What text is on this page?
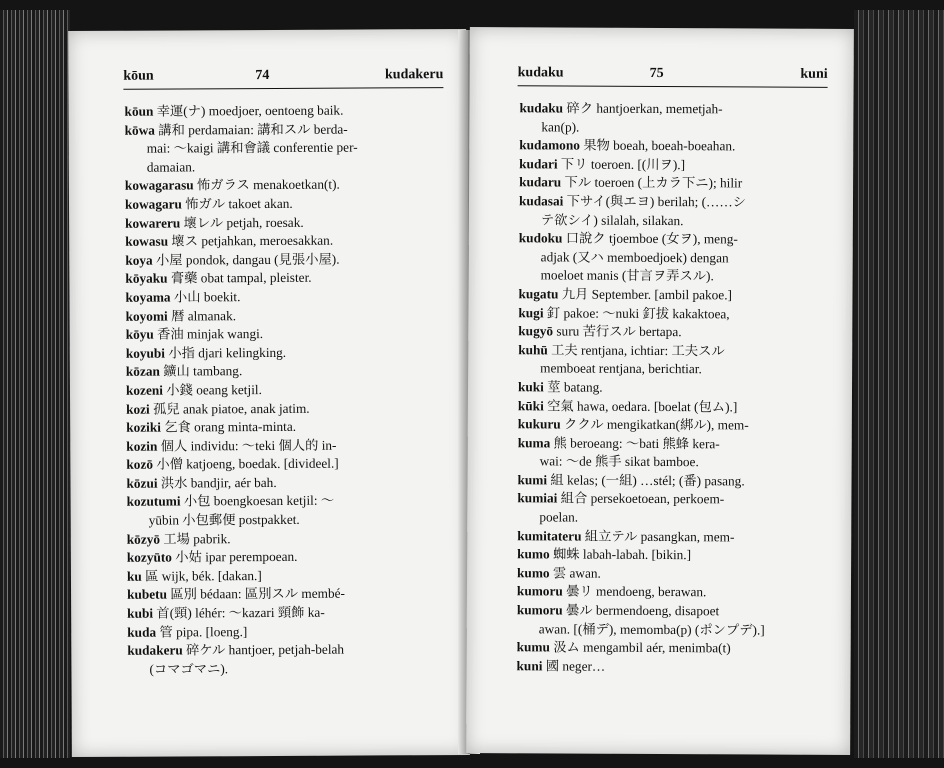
kōun	74	kudakeru
kōun 幸運(ナ) moedjoer, oentoeng baik.
kōwa 講和 perdamaian: 講和スル berda-
mai: ～kaigi 講和會議 conferentie per-
damaian.
kowagarasu 怖ガラス menakoetkan(t).
kowagaru 怖ガル takoet akan.
kowareru 壞レル petjah, roesak.
kowasu 壞ス petjahkan, meroesakkan.
koya 小屋 pondok, dangau (見張小屋).
kōyaku 膏藥 obat tampal, pleister.
koyama 小山 boekit.
koyomi 暦 almanak.
kōyu 香油 minjak wangi.
koyubi 小指 djari kelingking.
kōzan 鑛山 tambang.
kozeni 小錢 oeang ketjil.
kozi 孤兒 anak piatoe, anak jatim.
koziki 乞食 orang minta-minta.
kozin 個人 individu: ～teki 個人的 in-
kozō 小僧 katjoeng, boedak. [divideel.]
kōzui 洪水 bandjir, aér bah.
kozutumi 小包 boengkoesan ketjil: ～
yūbin 小包郵便 postpakket.
kōzyō 工場 pabrik.
kozyūto 小姑 ipar perempoean.
ku 區 wijk, bék. [dakan.]
kubetu 區別 bédaan: 區別スル membé-
kubi 首(頸) léhér: ～kazari 頸飾 ka-
kuda 管 pipa. [loeng.]
kudakeru 碎ケル hantjoer, petjah-belah
(コマゴマニ).
kudaku	75	kuni
kudaku 碎ク hantjoerkan, memetjah-
kan(p).
kudamono 果物 boeah, boeah-boeahan.
kudari 下リ toeroen. [(川ヲ).]
kudaru 下ル toeroen (上カラ下ニ); hilir
kudasai 下サイ(與エヨ) berilah; (……シ
テ欲シイ) silalah, silakan.
kudoku 口說ク tjoemboe (女ヲ), meng-
adjak (又ハ memboedjoek) dengan
moeloet manis (甘言ヲ弄スル).
kugatu 九月 September. [ambil pakoe.]
kugi 釘 pakoe: ～nuki 釘拔 kakaktoea,
kugyō suru 苦行スル bertapa.
kuhū 工夫 rentjana, ichtiar: 工夫スル
memboeat rentjana, berichtiar.
kuki 莖 batang.
kūki 空氣 hawa, oedara. [boelat (包ム).]
kukuru ククル mengikatkan(綁ル), mem-
kuma 熊 beroeang: ～bati 熊蜂 kera-
wai: ～de 熊手 sikat bamboe.
kumi 組 kelas; (一組) …stél; (番) pasang.
kumiai 組合 persekoetoean, perkoem-
poelan.
kumitateru 組立テル pasangkan, mem-
kumo 蜘蛛 labah-labah. [bikin.]
kumo 雲 awan.
kumoru 曇リ mendoeng, berawan.
kumoru 曇ル bermendoeng, disapoet
awan. [(桶デ), memomba(p) (ポンプデ).]
kumu 汲ム mengambil aér, menimba(t)
kuni 國 neger…
